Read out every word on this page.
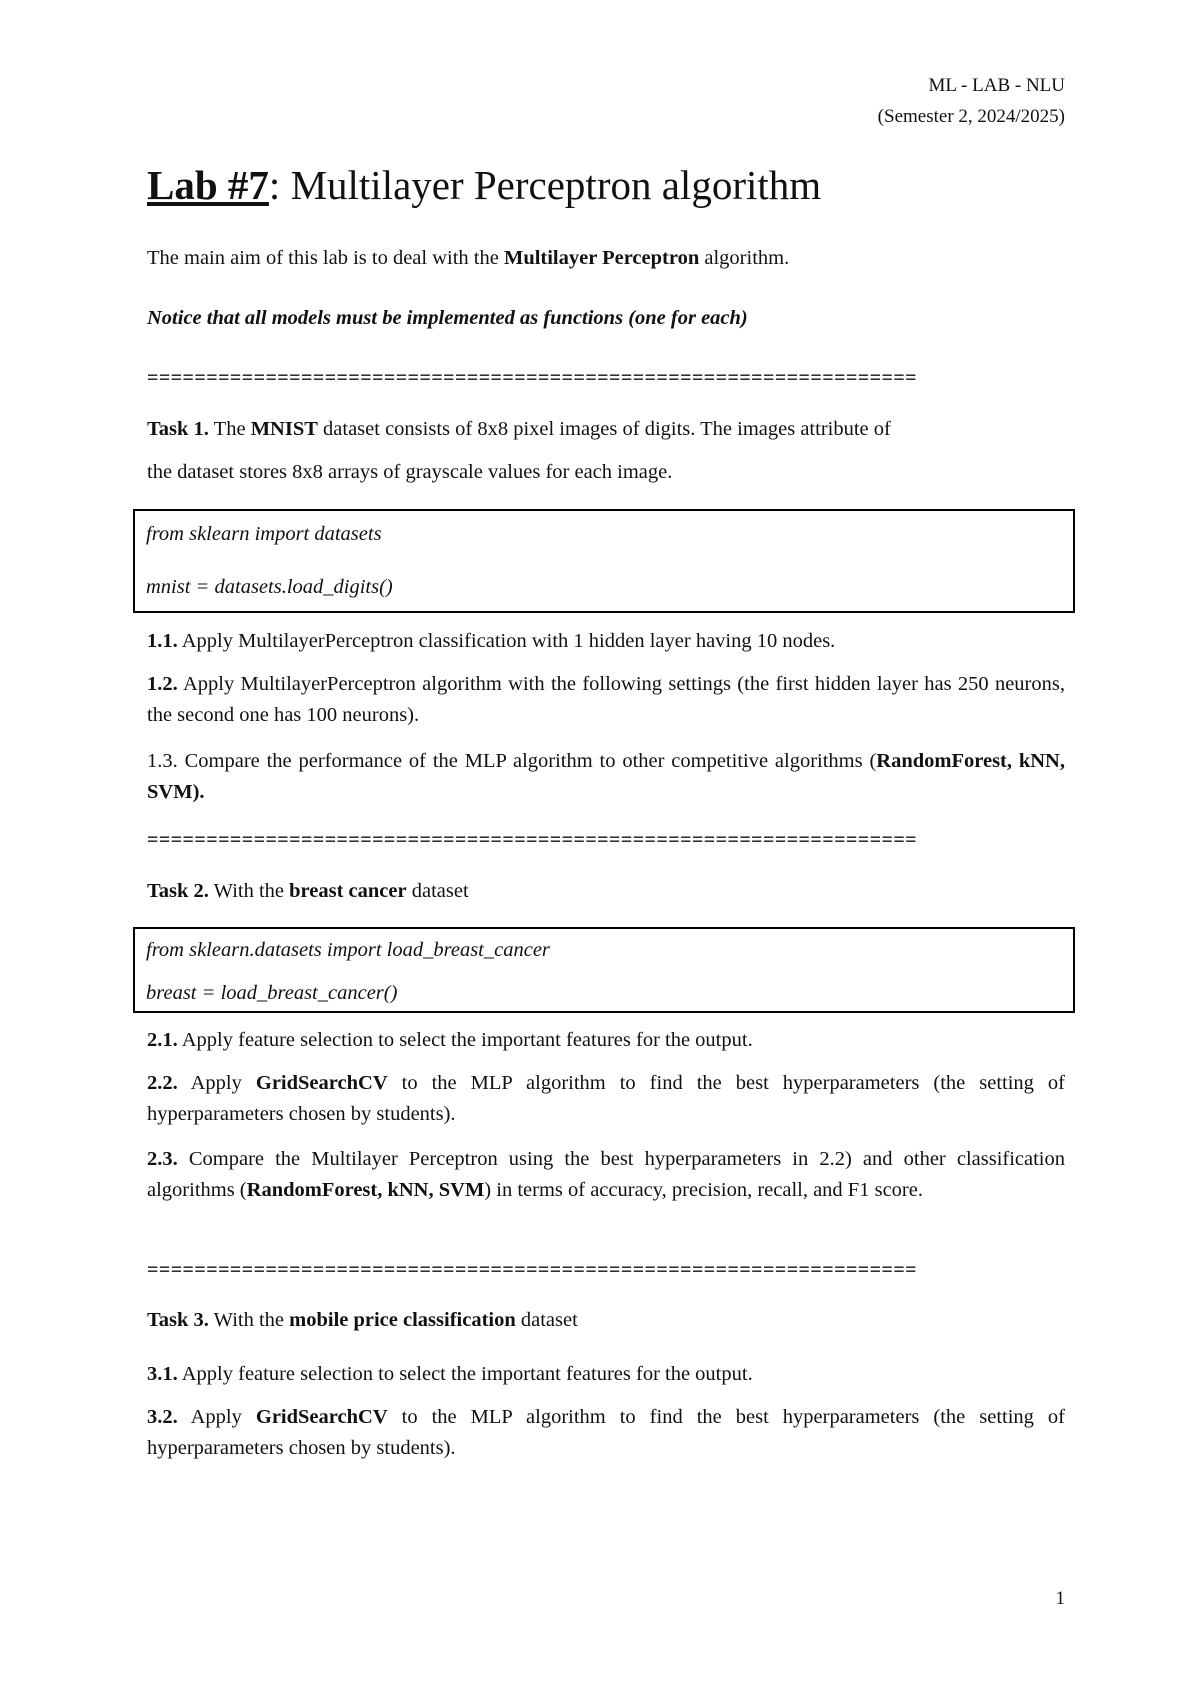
ML - LAB - NLU
(Semester 2, 2024/2025)
Lab #7: Multilayer Perceptron algorithm

The main aim of this lab is to deal with the Multilayer Perceptron algorithm.

Notice that all models must be implemented as functions (one for each)

=================================================================

Task 1. The MNIST dataset consists of 8x8 pixel images of digits. The images attribute of

the dataset stores 8x8 arrays of grayscale values for each image.

from sklearn import datasets
mnist = datasets.load_digits()

1.1. Apply MultilayerPerceptron classification with 1 hidden layer having 10 nodes.

1.2. Apply MultilayerPerceptron algorithm with the following settings (the first hidden layer has 250 neurons, the second one has 100 neurons).

1.3. Compare the performance of the MLP algorithm to other competitive algorithms (RandomForest, kNN, SVM).

=================================================================

Task 2. With the breast cancer dataset

from sklearn.datasets import load_breast_cancer
breast = load_breast_cancer()

2.1. Apply feature selection to select the important features for the output.

2.2. Apply GridSearchCV to the MLP algorithm to find the best hyperparameters (the setting of hyperparameters chosen by students).

2.3. Compare the Multilayer Perceptron using the best hyperparameters in 2.2) and other classification algorithms (RandomForest, kNN, SVM) in terms of accuracy, precision, recall, and F1 score.

=================================================================

Task 3. With the mobile price classification dataset

3.1. Apply feature selection to select the important features for the output.

3.2. Apply GridSearchCV to the MLP algorithm to find the best hyperparameters (the setting of hyperparameters chosen by students).

1
